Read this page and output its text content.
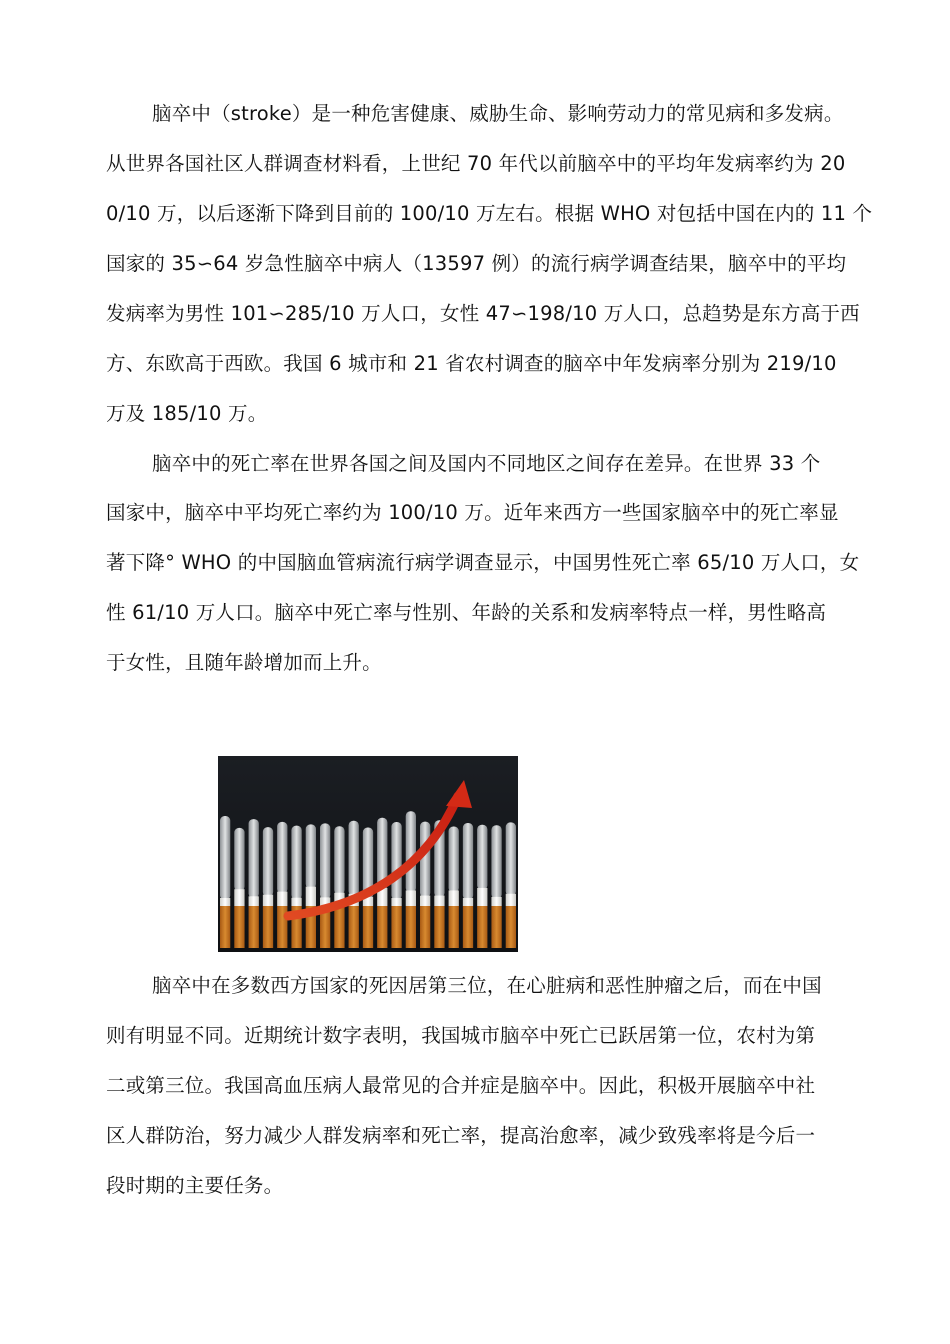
脑卒中（stroke）是一种危害健康、威胁生命、影响劳动力的常见病和多发病。
从世界各国社区人群调查材料看，上世纪 70 年代以前脑卒中的平均年发病率约为 20
0/10 万，以后逐渐下降到目前的 100/10 万左右。根据 WHO 对包括中国在内的 11 个
国家的 35∽64 岁急性脑卒中病人（13597 例）的流行病学调查结果，脑卒中的平均
发病率为男性 101∽285/10 万人口，女性 47∽198/10 万人口，总趋势是东方高于西
方、东欧高于西欧。我国 6 城市和 21 省农村调查的脑卒中年发病率分别为 219/10
万及 185/10 万。
脑卒中的死亡率在世界各国之间及国内不同地区之间存在差异。在世界 33 个
国家中，脑卒中平均死亡率约为 100/10 万。近年来西方一些国家脑卒中的死亡率显
著下降° WHO 的中国脑血管病流行病学调查显示，中国男性死亡率 65/10 万人口，女
性 61/10 万人口。脑卒中死亡率与性别、年龄的关系和发病率特点一样，男性略高
于女性，且随年龄增加而上升。
脑卒中在多数西方国家的死因居第三位，在心脏病和恶性肿瘤之后，而在中国
则有明显不同。近期统计数字表明，我国城市脑卒中死亡已跃居第一位，农村为第
二或第三位。我国高血压病人最常见的合并症是脑卒中。因此，积极开展脑卒中社
区人群防治，努力减少人群发病率和死亡率，提高治愈率，减少致残率将是今后一
段时期的主要任务。
